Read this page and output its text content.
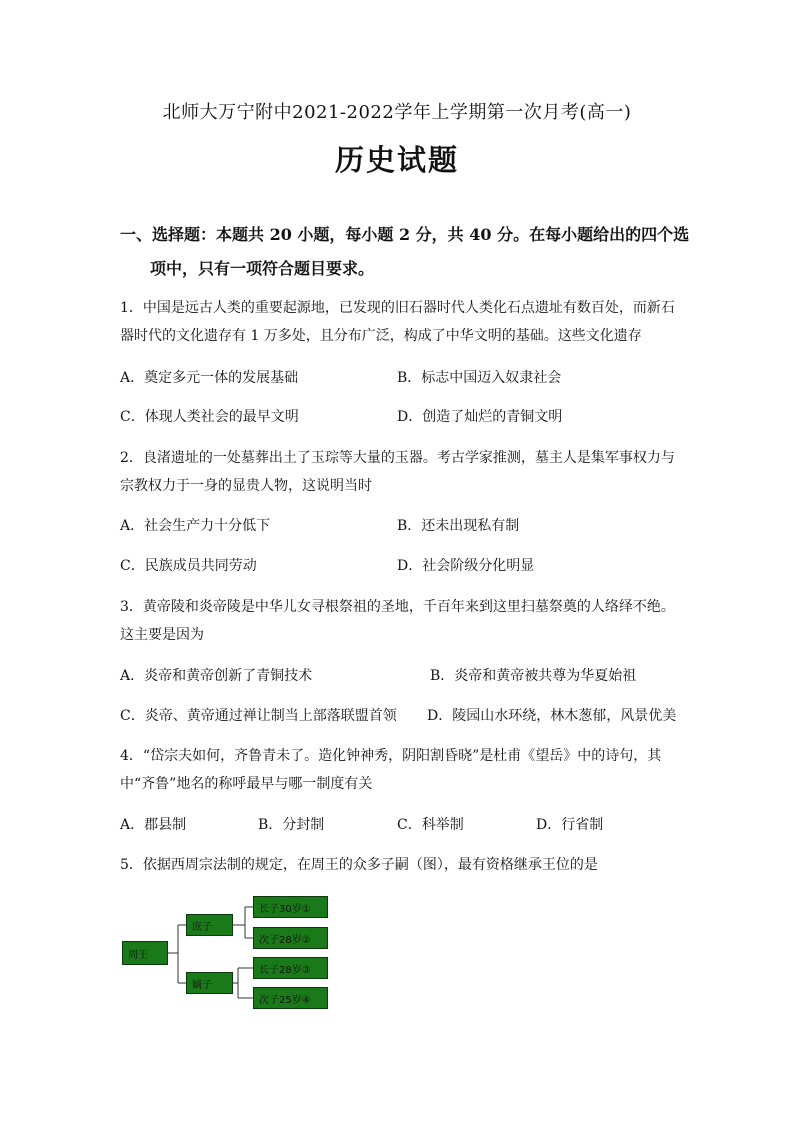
北师大万宁附中2021-2022学年上学期第一次月考(高一)
历史试题
一、选择题：本题共 20 小题，每小题 2 分，共 40 分。在每小题给出的四个选
项中，只有一项符合题目要求。
1．中国是远古人类的重要起源地，已发现的旧石器时代人类化石点遗址有数百处，而新石
器时代的文化遗存有 1 万多处，且分布广泛，构成了中华文明的基础。这些文化遗存
A．奠定多元一体的发展基础	B．标志中国迈入奴隶社会
C．体现人类社会的最早文明	D．创造了灿烂的青铜文明
2．良渚遗址的一处墓葬出土了玉琮等大量的玉器。考古学家推测，墓主人是集军事权力与
宗教权力于一身的显贵人物，这说明当时
A．社会生产力十分低下	B．还未出现私有制
C．民族成员共同劳动	D．社会阶级分化明显
3．黄帝陵和炎帝陵是中华儿女寻根祭祖的圣地，千百年来到这里扫墓祭奠的人络绎不绝。
这主要是因为
A．炎帝和黄帝创新了青铜技术	B．炎帝和黄帝被共尊为华夏始祖
C．炎帝、黄帝通过禅让制当上部落联盟首领 D．陵园山水环绕，林木葱郁，风景优美
4．“岱宗夫如何，齐鲁青未了。造化钟神秀，阴阳割昏晓”是杜甫《望岳》中的诗句，其
中“齐鲁”地名的称呼最早与哪一制度有关
A．郡县制	B．分封制	C．科举制	D．行省制
5．依据西周宗法制的规定，在周王的众多子嗣（图），最有资格继承王位的是
周王
庶子
嫡子
长子30岁①
次子28岁②
长子28岁③
次子25岁④
